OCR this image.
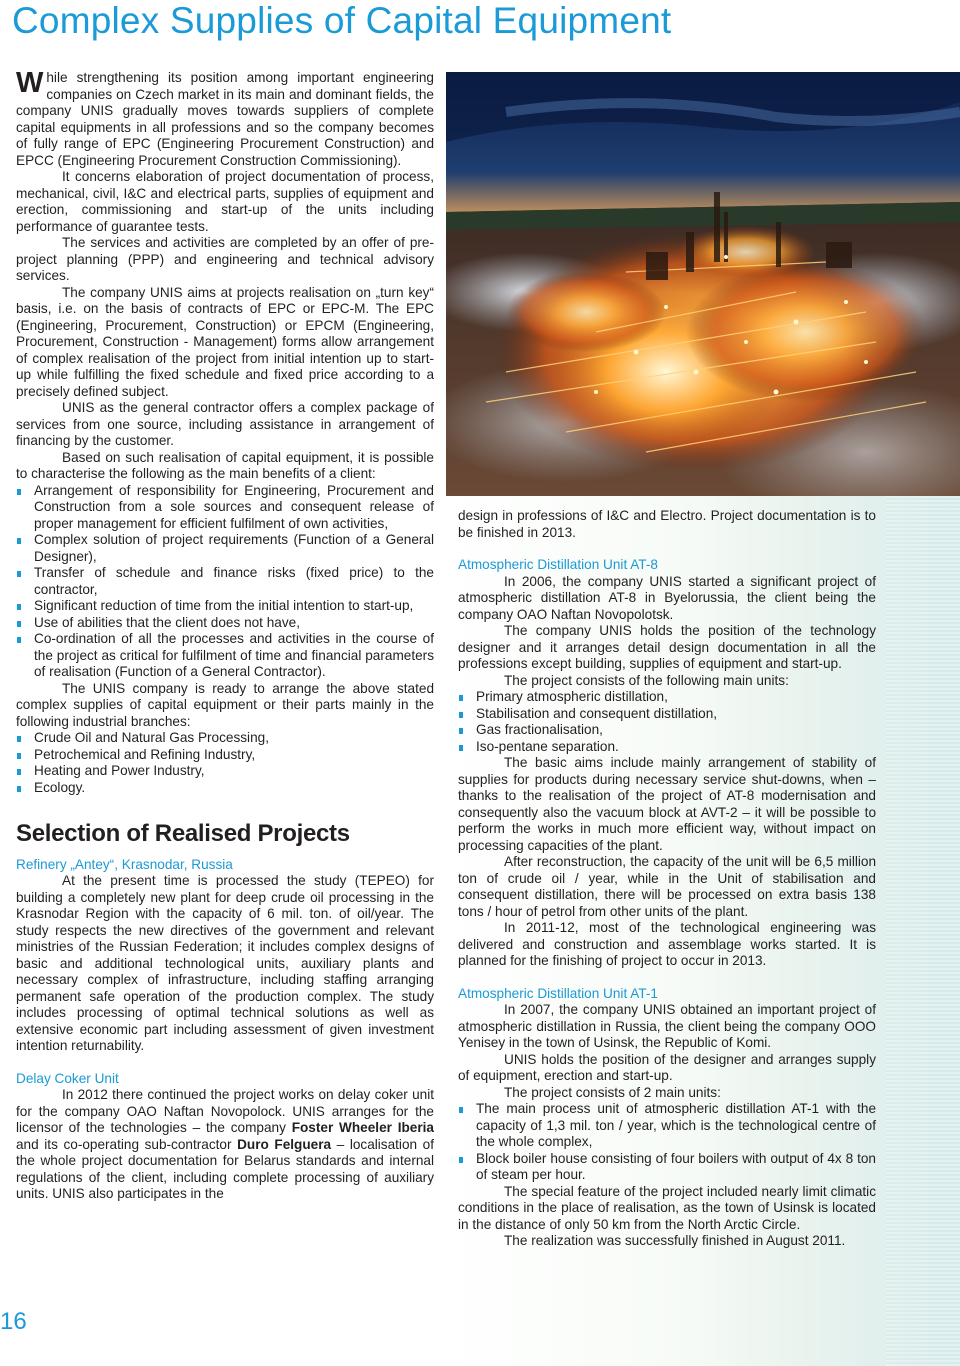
Complex Supplies of Capital Equipment

While strengthening its position among important engineering companies on Czech market in its main and dominant fields, the company UNIS gradually moves towards suppliers of complete capital equipments in all professions and so the company becomes of fully range of EPC (Engineering Procurement Construction) and EPCC (Engineering Procurement Construction Commissioning).

It concerns elaboration of project documentation of process, mechanical, civil, I&C and electrical parts, supplies of equipment and erection, commissioning and start-up of the units including performance of guarantee tests.

The services and activities are completed by an offer of pre-project planning (PPP) and engineering and technical advisory services.

The company UNIS aims at projects realisation on „turn key“ basis, i.e. on the basis of contracts of EPC or EPC-M. The EPC (Engineering, Procurement, Construction) or EPCM (Engineering, Procurement, Construction - Management) forms allow arrangement of complex realisation of the project from initial intention up to start-up while fulfilling the fixed schedule and fixed price according to a precisely defined subject.

UNIS as the general contractor offers a complex package of services from one source, including assistance in arrangement of financing by the customer.

Based on such realisation of capital equipment, it is possible to characterise the following as the main benefits of a client:

Arrangement of responsibility for Engineering, Procurement and Construction from a sole sources and consequent release of proper management for efficient fulfilment of own activities,
Complex solution of project requirements (Function of a General Designer),
Transfer of schedule and finance risks (fixed price) to the contractor,
Significant reduction of time from the initial intention to start-up,
Use of abilities that the client does not have,
Co-ordination of all the processes and activities in the course of the project as critical for fulfilment of time and financial parameters of realisation (Function of a General Contractor).

The UNIS company is ready to arrange the above stated complex supplies of capital equipment or their parts mainly in the following industrial branches:

Crude Oil and Natural Gas Processing,
Petrochemical and Refining Industry,
Heating and Power Industry,
Ecology.
Selection of Realised Projects

Refinery „Antey“, Krasnodar, Russia

At the present time is processed the study (TEPEO) for building a completely new plant for deep crude oil processing in the Krasnodar Region with the capacity of 6 mil. ton. of oil/year. The study respects the new directives of the government and relevant ministries of the Russian Federation; it includes complex designs of basic and additional technological units, auxiliary plants and necessary complex of infrastructure, including staffing arranging permanent safe operation of the production complex. The study includes processing of optimal technical solutions as well as extensive economic part including assessment of given investment intention returnability.

Delay Coker Unit

In 2012 there continued the project works on delay coker unit for the company OAO Naftan Novopolock. UNIS arranges for the licensor of the technologies – the company Foster Wheeler Iberia and its co-operating sub-contractor Duro Felguera – localisation of the whole project documentation for Belarus standards and internal regulations of the client, including complete processing of auxiliary units. UNIS also participates in the

design in professions of I&C and Electro. Project documentation is to be finished in 2013.

Atmospheric Distillation Unit AT-8

In 2006, the company UNIS started a significant project of atmospheric distillation AT-8 in Byelorussia, the client being the company OAO Naftan Novopolotsk.

The company UNIS holds the position of the technology designer and it arranges detail design documentation in all the professions except building, supplies of equipment and start-up.

The project consists of the following main units:

Primary atmospheric distillation,
Stabilisation and consequent distillation,
Gas fractionalisation,
Iso-pentane separation.

The basic aims include mainly arrangement of stability of supplies for products during necessary service shut-downs, when – thanks to the realisation of the project of AT-8 modernisation and consequently also the vacuum block at AVT-2 – it will be possible to perform the works in much more efficient way, without impact on processing capacities of the plant.

After reconstruction, the capacity of the unit will be 6,5 million ton of crude oil / year, while in the Unit of stabilisation and consequent distillation, there will be processed on extra basis 138 tons / hour of petrol from other units of the plant.

In 2011-12, most of the technological engineering was delivered and construction and assemblage works started. It is planned for the finishing of project to occur in 2013.

Atmospheric Distillation Unit AT-1

In 2007, the company UNIS obtained an important project of atmospheric distillation in Russia, the client being the company OOO Yenisey in the town of Usinsk, the Republic of Komi.

UNIS holds the position of the designer and arranges supply of equipment, erection and start-up.

The project consists of 2 main units:

The main process unit of atmospheric distillation AT-1 with the capacity of 1,3 mil. ton / year, which is the technological centre of the whole complex,
Block boiler house consisting of four boilers with output of 4x 8 ton of steam per hour.

The special feature of the project included nearly limit climatic conditions in the place of realisation, as the town of Usinsk is located in the distance of only 50 km from the North Arctic Circle.

The realization was successfully finished in August 2011.

16
